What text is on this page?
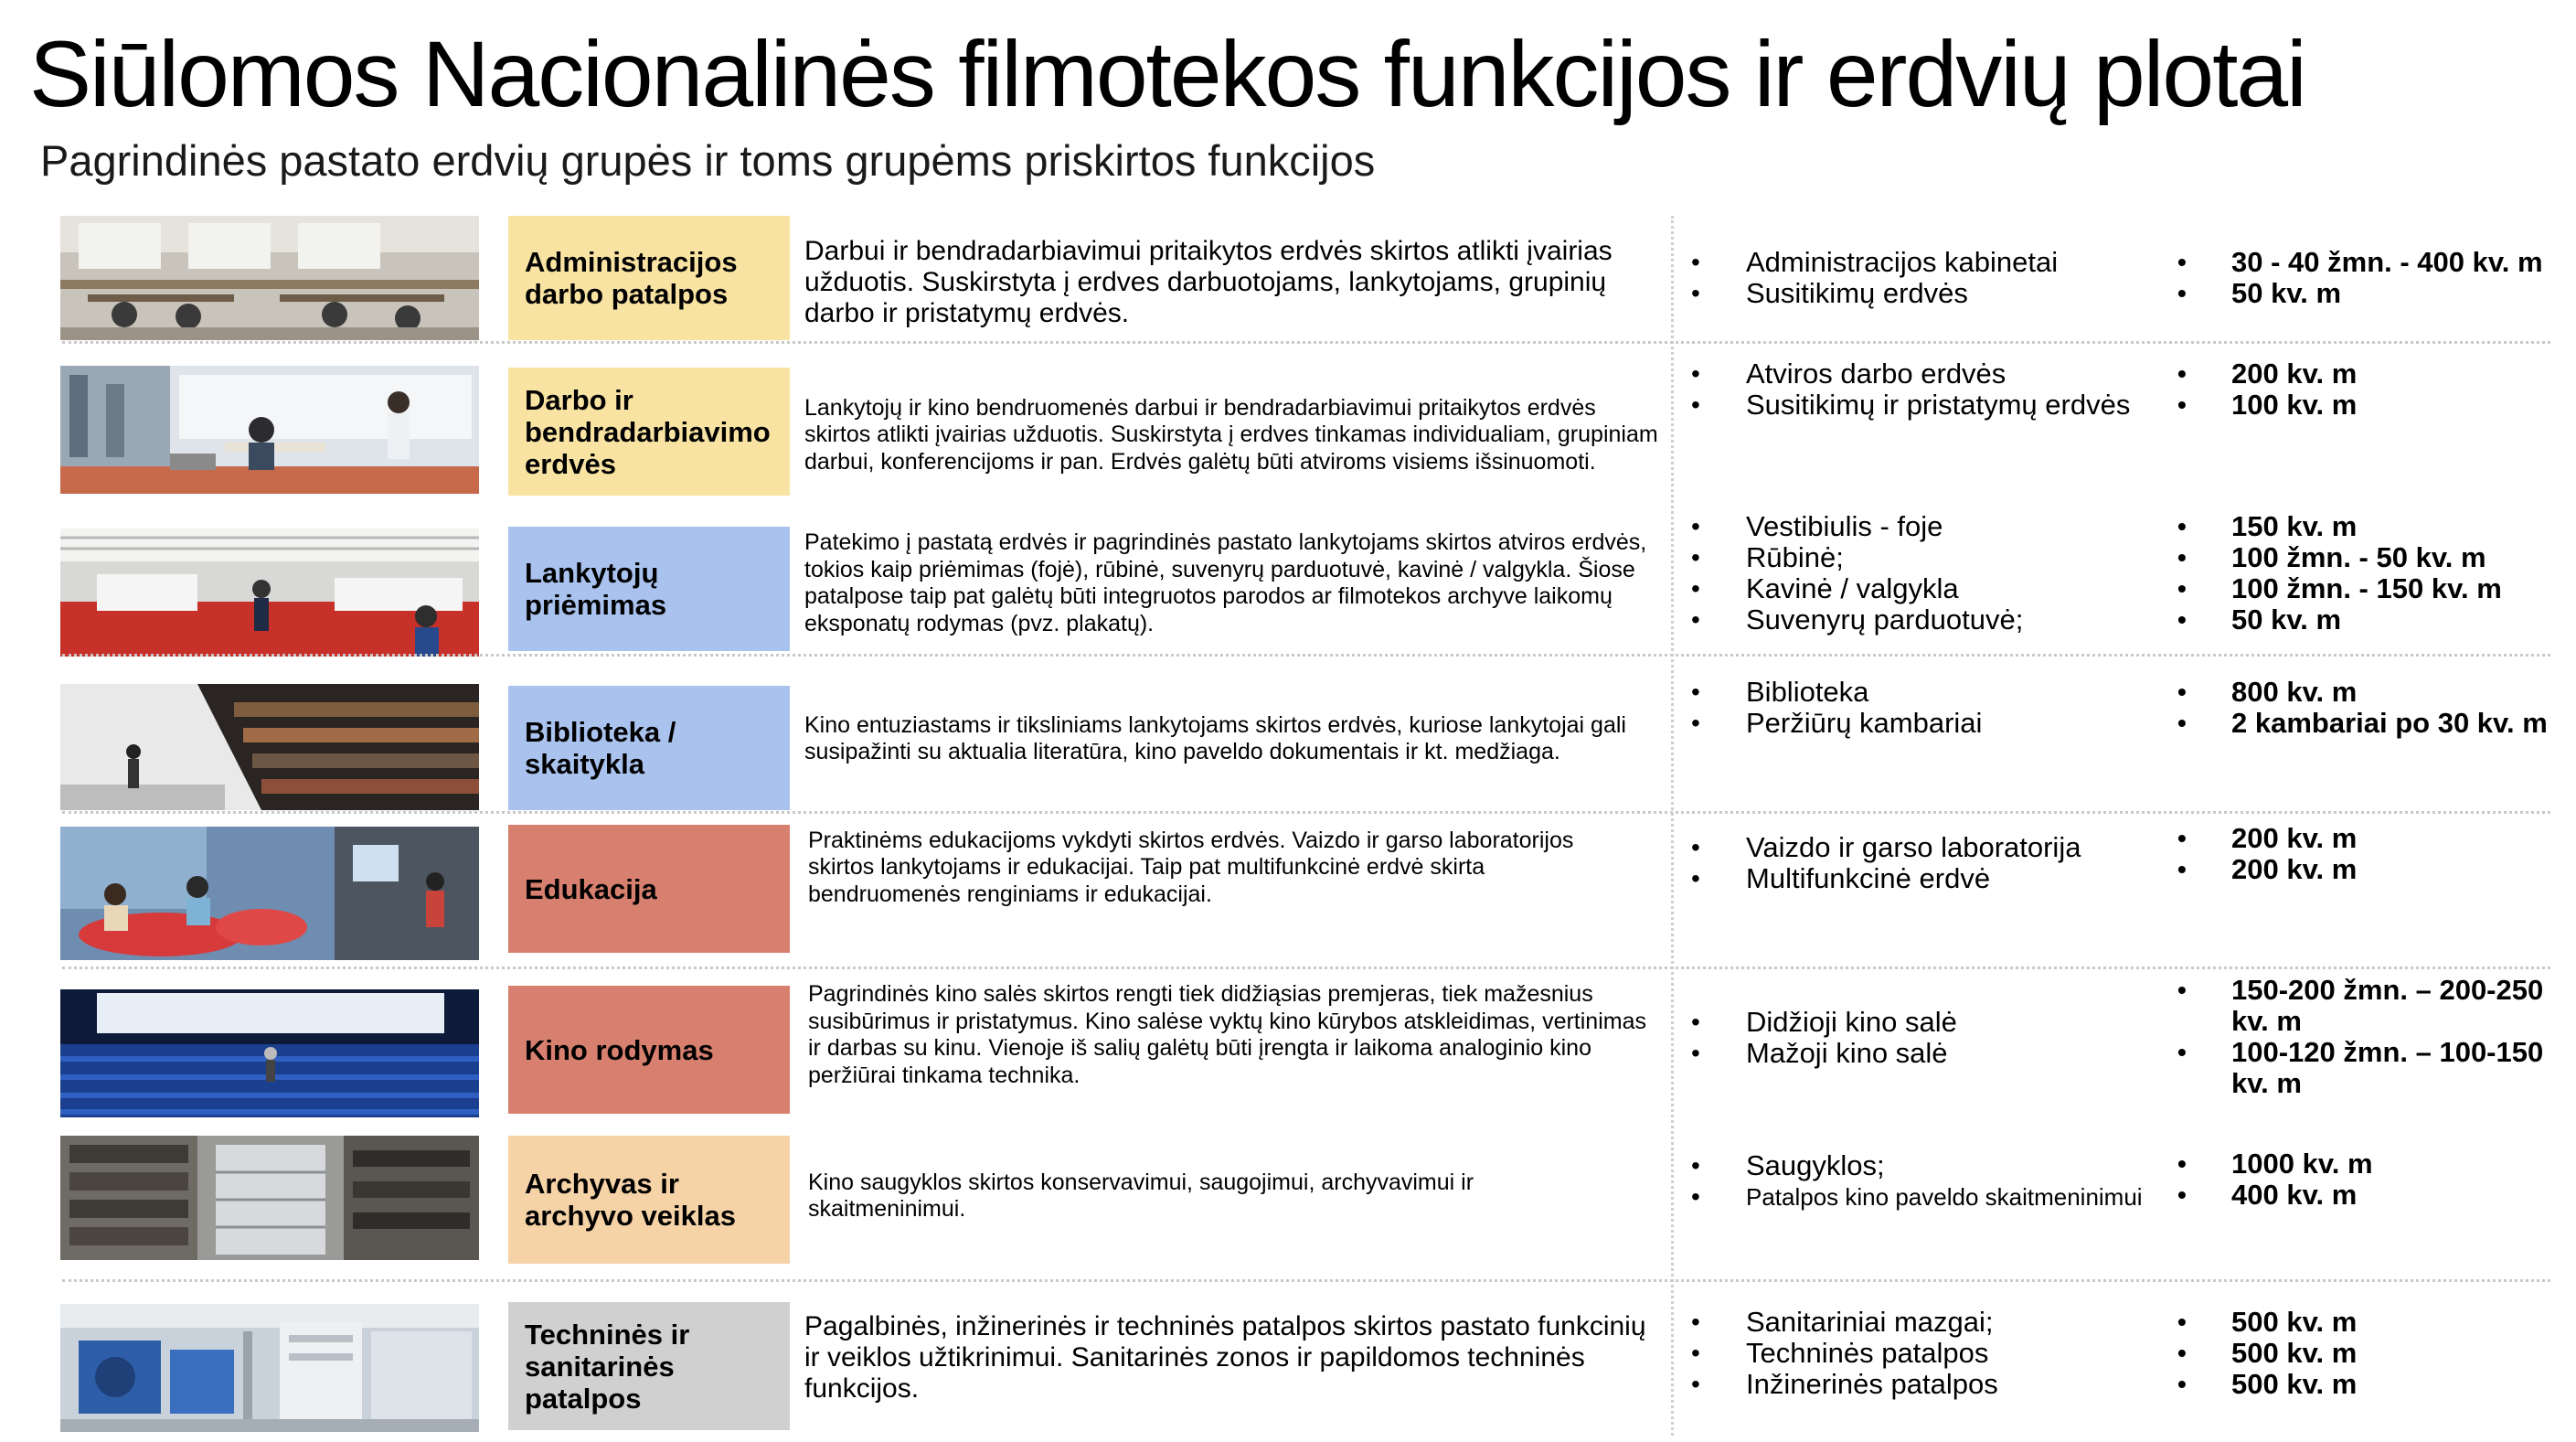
Siūlomos Nacionalinės filmotekos funkcijos ir erdvių plotai
Pagrindinės pastato erdvių grupės ir toms grupėms priskirtos funkcijos
Administracijos darbo patalpos
Darbui ir bendradarbiavimui pritaikytos erdvės skirtos atlikti įvairias užduotis. Suskirstyta į erdves darbuotojams, lankytojams, grupinių darbo ir pristatymų erdvės.
• Administracijos kabinetai
• Susitikimų erdvės
• 30 - 40 žmn. - 400 kv. m
• 50 kv. m
Darbo ir bendradarbiavimo erdvės
Lankytojų ir kino bendruomenės darbui ir bendradarbiavimui pritaikytos erdvės skirtos atlikti įvairias užduotis. Suskirstyta į erdves tinkamas individualiam, grupiniam darbui, konferencijoms ir pan. Erdvės galėtų būti atviroms visiems išsinuomoti.
• Atviros darbo erdvės
• Susitikimų ir pristatymų erdvės
• 200 kv. m
• 100 kv. m
Lankytojų priėmimas
Patekimo į pastatą erdvės ir pagrindinės pastato lankytojams skirtos atviros erdvės, tokios kaip priėmimas (fojė), rūbinė, suvenyrų parduotuvė, kavinė / valgykla. Šiose patalpose taip pat galėtų būti integruotos parodos ar filmotekos archyve laikomų eksponatų rodymas (pvz. plakatų).
• Vestibiulis - foje
• Rūbinė;
• Kavinė / valgykla
• Suvenyrų parduotuvė;
• 150 kv. m
• 100 žmn. - 50 kv. m
• 100 žmn. - 150 kv. m
• 50 kv. m
Biblioteka / skaitykla
Kino entuziastams ir tiksliniams lankytojams skirtos erdvės, kuriose lankytojai gali susipažinti su aktualia literatūra, kino paveldo dokumentais ir kt. medžiaga.
• Biblioteka
• Peržiūrų kambariai
• 800 kv. m
• 2 kambariai po 30 kv. m
Edukacija
Praktinėms edukacijoms vykdyti skirtos erdvės. Vaizdo ir garso laboratorijos skirtos lankytojams ir edukacijai. Taip pat multifunkcinė erdvė skirta bendruomenės renginiams ir edukacijai.
• Vaizdo ir garso laboratorija
• Multifunkcinė erdvė
• 200 kv. m
• 200 kv. m
Kino rodymas
Pagrindinės kino salės skirtos rengti tiek didžiąsias premjeras, tiek mažesnius susibūrimus ir pristatymus. Kino salėse vyktų kino kūrybos atskleidimas, vertinimas ir darbas su kinu. Vienoje iš salių galėtų būti įrengta ir laikoma analoginio kino peržiūrai tinkama technika.
• Didžioji kino salė
• Mažoji kino salė
• 150-200 žmn. – 200-250 kv. m
• 100-120 žmn. – 100-150 kv. m
Archyvas ir archyvo veiklas
Kino saugyklos skirtos konservavimui, saugojimui, archyvavimui ir skaitmeninimui.
• Saugyklos;
• Patalpos kino paveldo skaitmeninimui
• 1000 kv. m
• 400 kv. m
Techninės ir sanitarinės patalpos
Pagalbinės, inžinerinės ir techninės patalpos skirtos pastato funkcinių ir veiklos užtikrinimui. Sanitarinės zonos ir papildomos techninės funkcijos.
• Sanitariniai mazgai;
• Techninės patalpos
• Inžinerinės patalpos
• 500 kv. m
• 500 kv. m
• 500 kv. m
